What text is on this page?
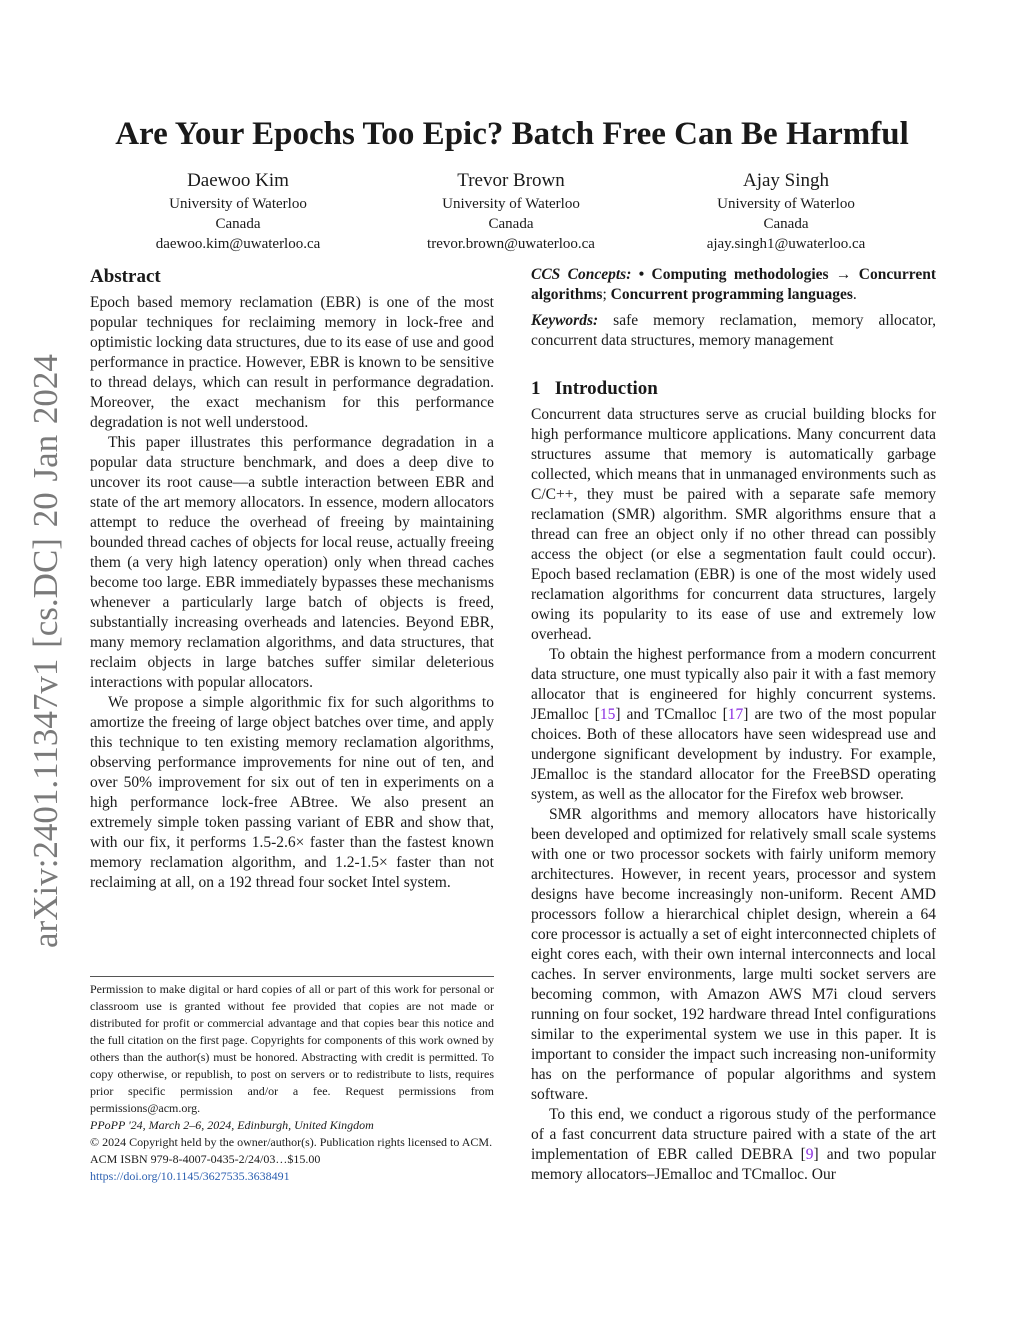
arXiv:2401.11347v1 [cs.DC] 20 Jan 2024
Are Your Epochs Too Epic? Batch Free Can Be Harmful
Daewoo Kim
University of Waterloo
Canada
daewoo.kim@uwaterloo.ca
Trevor Brown
University of Waterloo
Canada
trevor.brown@uwaterloo.ca
Ajay Singh
University of Waterloo
Canada
ajay.singh1@uwaterloo.ca
Abstract

Epoch based memory reclamation (EBR) is one of the most popular techniques for reclaiming memory in lock-free and optimistic locking data structures, due to its ease of use and good performance in practice. However, EBR is known to be sensitive to thread delays, which can result in performance degradation. Moreover, the exact mechanism for this performance degradation is not well understood.

This paper illustrates this performance degradation in a popular data structure benchmark, and does a deep dive to uncover its root cause—a subtle interaction between EBR and state of the art memory allocators. In essence, modern allocators attempt to reduce the overhead of freeing by maintaining bounded thread caches of objects for local reuse, actually freeing them (a very high latency operation) only when thread caches become too large. EBR immediately bypasses these mechanisms whenever a particularly large batch of objects is freed, substantially increasing overheads and latencies. Beyond EBR, many memory reclamation algorithms, and data structures, that reclaim objects in large batches suffer similar deleterious interactions with popular allocators.

We propose a simple algorithmic fix for such algorithms to amortize the freeing of large object batches over time, and apply this technique to ten existing memory reclamation algorithms, observing performance improvements for nine out of ten, and over 50% improvement for six out of ten in experiments on a high performance lock-free ABtree. We also present an extremely simple token passing variant of EBR and show that, with our fix, it performs 1.5-2.6× faster than the fastest known memory reclamation algorithm, and 1.2-1.5× faster than not reclaiming at all, on a 192 thread four socket Intel system.

Permission to make digital or hard copies of all or part of this work for personal or classroom use is granted without fee provided that copies are not made or distributed for profit or commercial advantage and that copies bear this notice and the full citation on the first page. Copyrights for components of this work owned by others than the author(s) must be honored. Abstracting with credit is permitted. To copy otherwise, or republish, to post on servers or to redistribute to lists, requires prior specific permission and/or a fee. Request permissions from permissions@acm.org.

PPoPP '24, March 2–6, 2024, Edinburgh, United Kingdom

© 2024 Copyright held by the owner/author(s). Publication rights licensed to ACM.

ACM ISBN 979-8-4007-0435-2/24/03…$15.00

https://doi.org/10.1145/3627535.3638491

CCS Concepts: • Computing methodologies → Concurrent algorithms; Concurrent programming languages.

Keywords: safe memory reclamation, memory allocator, concurrent data structures, memory management

1   Introduction

Concurrent data structures serve as crucial building blocks for high performance multicore applications. Many concurrent data structures assume that memory is automatically garbage collected, which means that in unmanaged environments such as C/C++, they must be paired with a separate safe memory reclamation (SMR) algorithm. SMR algorithms ensure that a thread can free an object only if no other thread can possibly access the object (or else a segmentation fault could occur). Epoch based reclamation (EBR) is one of the most widely used reclamation algorithms for concurrent data structures, largely owing its popularity to its ease of use and extremely low overhead.

To obtain the highest performance from a modern concurrent data structure, one must typically also pair it with a fast memory allocator that is engineered for highly concurrent systems. JEmalloc [15] and TCmalloc [17] are two of the most popular choices. Both of these allocators have seen widespread use and undergone significant development by industry. For example, JEmalloc is the standard allocator for the FreeBSD operating system, as well as the allocator for the Firefox web browser.

SMR algorithms and memory allocators have historically been developed and optimized for relatively small scale systems with one or two processor sockets with fairly uniform memory architectures. However, in recent years, processor and system designs have become increasingly non-uniform. Recent AMD processors follow a hierarchical chiplet design, wherein a 64 core processor is actually a set of eight interconnected chiplets of eight cores each, with their own internal interconnects and local caches. In server environments, large multi socket servers are becoming common, with Amazon AWS M7i cloud servers running on four socket, 192 hardware thread Intel configurations similar to the experimental system we use in this paper. It is important to consider the impact such increasing non-uniformity has on the performance of popular algorithms and system software.

To this end, we conduct a rigorous study of the performance of a fast concurrent data structure paired with a state of the art implementation of EBR called DEBRA [9] and two popular memory allocators–JEmalloc and TCmalloc. Our
